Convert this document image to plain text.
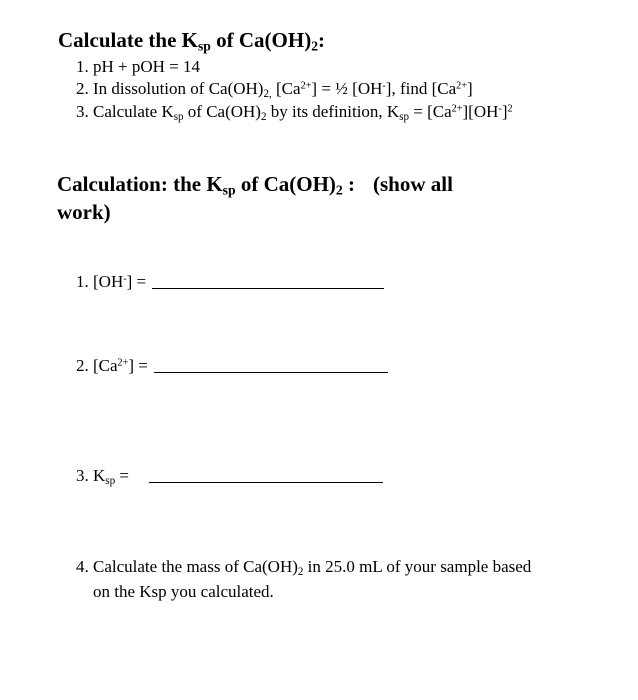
Calculate the $K_{sp}$ of $Ca(OH)_2$:
1. pH + pOH = 14
2. In dissolution of $Ca(OH)_{2,}$ $[Ca^{2+}]$ = ½ [OH-], find $[Ca^{2+}]$
3. Calculate $K_{sp}$ of $Ca(OH)_2$ by its definition, $K_{sp} = [Ca^{2+}][OH^-]^2$
Calculation: the $K_{sp}$ of $Ca(OH)_2$ : (show all
work)
1. [OH-] =
2. $[Ca^{2+}]$ =
3. $K_{sp}$ =
4. Calculate the mass of $Ca(OH)_2$ in 25.0 mL of your sample based
on the Ksp you calculated.
